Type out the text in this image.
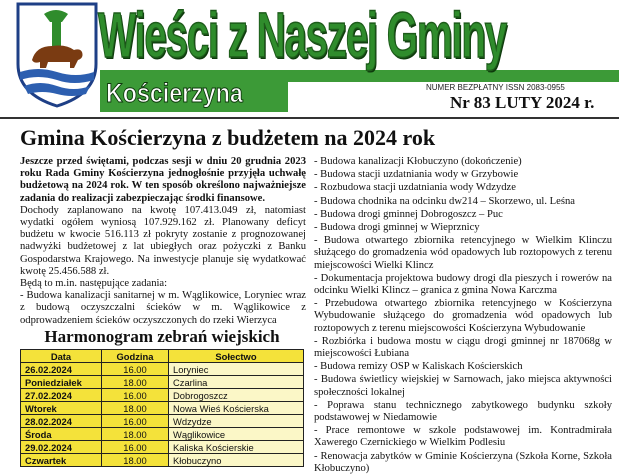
Wieści z Naszej Gminy
Kościerzyna	NUMER BEZPŁATNY ISSN 2083-0955
Nr 83 LUTY 2024 r.
Gmina Kościerzyna z budżetem na 2024 rok

Jeszcze przed świętami, podczas sesji w dniu 20 grudnia 2023 roku Rada Gminy Kościerzyna jednogłośnie przyjęła uchwałę budżetową na 2024 rok. W ten sposób określono najważniejsze zadania do realizacji zabezpieczając środki finansowe.

Dochody zaplanowano na kwotę 107.413.049 zł, natomiast wydatki ogółem wyniosą 107.929.162 zł. Planowany deficyt budżetu w kwocie 516.113 zł pokryty zostanie z prognozowanej nadwyżki budżetowej z lat ubiegłych oraz pożyczki z Banku Gospodarstwa Krajowego. Na inwestycje planuje się wydatkować kwotę 25.456.588 zł.

Będą to m.in. następujące zadania:

- Budowa kanalizacji sanitarnej w m. Wąglikowice, Loryniec wraz z budową oczyszczalni ścieków w m. Wąglikowice z odprowadzeniem ścieków oczyszczonych do rzeki Wierzyca

- Budowa kanalizacji Kłobuczyno (dokończenie)

- Budowa stacji uzdatniania wody w Grzybowie

- Rozbudowa stacji uzdatniania wody Wdzydze

- Budowa chodnika na odcinku dw214 – Skorzewo, ul. Leśna

- Budowa drogi gminnej Dobrogoszcz – Puc

- Budowa drogi gminnej w Wieprznicy

- Budowa otwartego zbiornika retencyjnego w Wielkim Klinczu służącego do gromadzenia wód opadowych lub roztopowych z terenu miejscowości Wielki Klincz

- Dokumentacja projektowa budowy drogi dla pieszych i rowerów na odcinku Wielki Klincz – granica z gmina Nowa Karczma

- Przebudowa otwartego zbiornika retencyjnego w Kościerzyna Wybudowanie służącego do gromadzenia wód opadowych lub roztopowych z terenu miejscowości Kościerzyna Wybudowanie

- Rozbiórka i budowa mostu w ciągu drogi gminnej nr 187068g w miejscowości Łubiana

- Budowa remizy OSP w Kaliskach Kościerskich

- Budowa świetlicy wiejskiej w Sarnowach, jako miejsca aktywności społeczności lokalnej

- Poprawa stanu technicznego zabytkowego budynku szkoły podstawowej w Niedamowie

- Prace remontowe w szkole podstawowej im. Kontradmirała Xawerego Czernickiego w Wielkim Podlesiu

- Renowacja zabytków w Gminie Kościerzyna (Szkoła Korne, Szkoła Kłobuczyno)

Harmonogram zebrań wiejskich
Data	Godzina	Sołectwo
26.02.2024	16.00	Loryniec
Poniedziałek	18.00	Czarlina
27.02.2024	16.00	Dobrogoszcz
Wtorek	18.00	Nowa Wieś Kościerska
28.02.2024	16.00	Wdzydze
Środa	18.00	Wąglikowice
29.02.2024	16.00	Kaliska Kościerskie
Czwartek	18.00	Kłobuczyno
